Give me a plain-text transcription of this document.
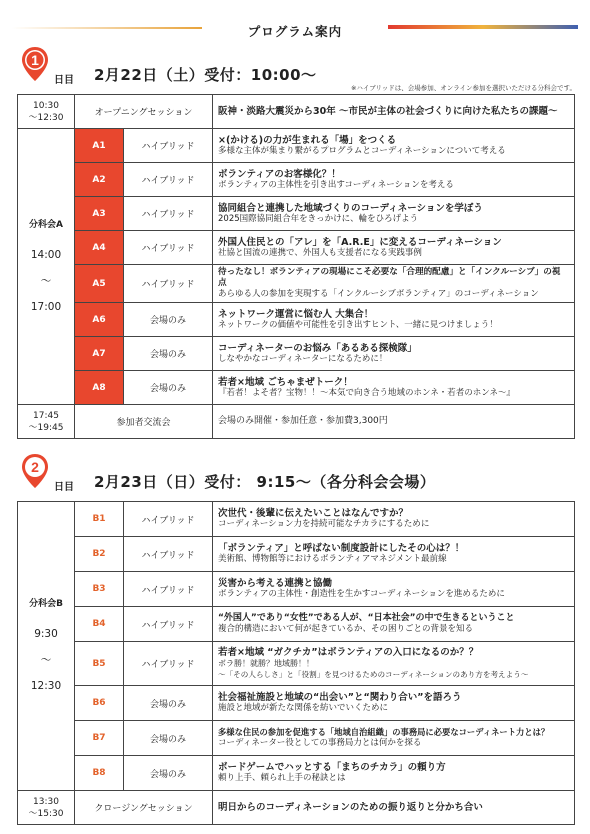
プログラム案内
1
日目 2月22日（土）受付：10:00〜
※ハイブリッドは、会場参加、オンライン参加を選択いただける分科会です。
10:30
〜12:30	オープニングセッション		阪神・淡路大震災から30年 〜市民が主体の社会づくりに向けた私たちの課題〜

分科会A
14:00
〜
17:00	A1	ハイブリッド	×(かける)の力が生まれる「場」をつくる
多様な主体が集まり繋がるプログラムとコーディネーションについて考える

	A2	ハイブリッド	ボランティアのお客様化？！
ボランティアの主体性を引き出すコーディネーションを考える

	A3	ハイブリッド	協同組合と連携した地域づくりのコーディネーションを学ぼう
2025国際協同組合年をきっかけに、輪をひろげよう

	A4	ハイブリッド	外国人住民との「アレ」を「A.R.E」に変えるコーディネーション
社協と国流の連携で、外国人も支援者になる実践事例

	A5	ハイブリッド	待ったなし！ボランティアの現場にこそ必要な「合理的配慮」と「インクルーシブ」の視点
あらゆる人の参加を実現する「インクルーシブボランティア」のコーディネーション

	A6	会場のみ	ネットワーク運営に悩む人 大集合！
ネットワークの価値や可能性を引き出すヒント、一緒に見つけましょう！

	A7	会場のみ	コーディネーターのお悩み「あるある探検隊」
しなやかなコーディネーターになるために！

	A8	会場のみ	若者×地域 ごちゃまぜトーク！
『若者！よそ者？宝物！！〜本気で向き合う地域のホンネ・若者のホンネ〜』

17:45
〜19:45	参加者交流会		会場のみ開催・参加任意・参加費3,300円
2
日目 2月23日（日）受付： 9:15〜（各分科会会場）
分科会B
9:30
〜
12:30	B1	ハイブリッド	次世代・後輩に伝えたいことはなんですか？
コーディネーション力を持続可能なチカラにするために

	B2	ハイブリッド	「ボランティア」と呼ばない制度設計にしたその心は？！
美術館、博物館等におけるボランティアマネジメント最前線

	B3	ハイブリッド	災害から考える連携と協働
ボランティアの主体性・創造性を生かすコーディネーションを進めるために

	B4	ハイブリッド	“外国人”であり“女性”である人が、“日本社会”の中で生きるということ
複合的構造において何が起きているか、その困りごとの背景を知る

	B5	ハイブリッド	若者×地域 “ガクチカ”はボランティアの入口になるのか？？
ボラ勝！就勝？地域勝！！
〜「その人らしさ」と「役割」を見つけるためのコーディネーションのあり方を考えよう〜

	B6	会場のみ	社会福祉施設と地域の“出会い”と“関わり合い”を語ろう
施設と地域が新たな関係を紡いでいくために

	B7	会場のみ	多様な住民の参加を促進する「地域自治組織」の事務局に必要なコーディネート力とは？
コーディネーター役としての事務局力とは何かを探る

	B8	会場のみ	ボードゲームでハッとする「まちのチカラ」の頼り方
頼り上手、頼られ上手の秘訣とは

13:30
〜15:30	クロージングセッション		明日からのコーディネーションのための振り返りと分かち合い
